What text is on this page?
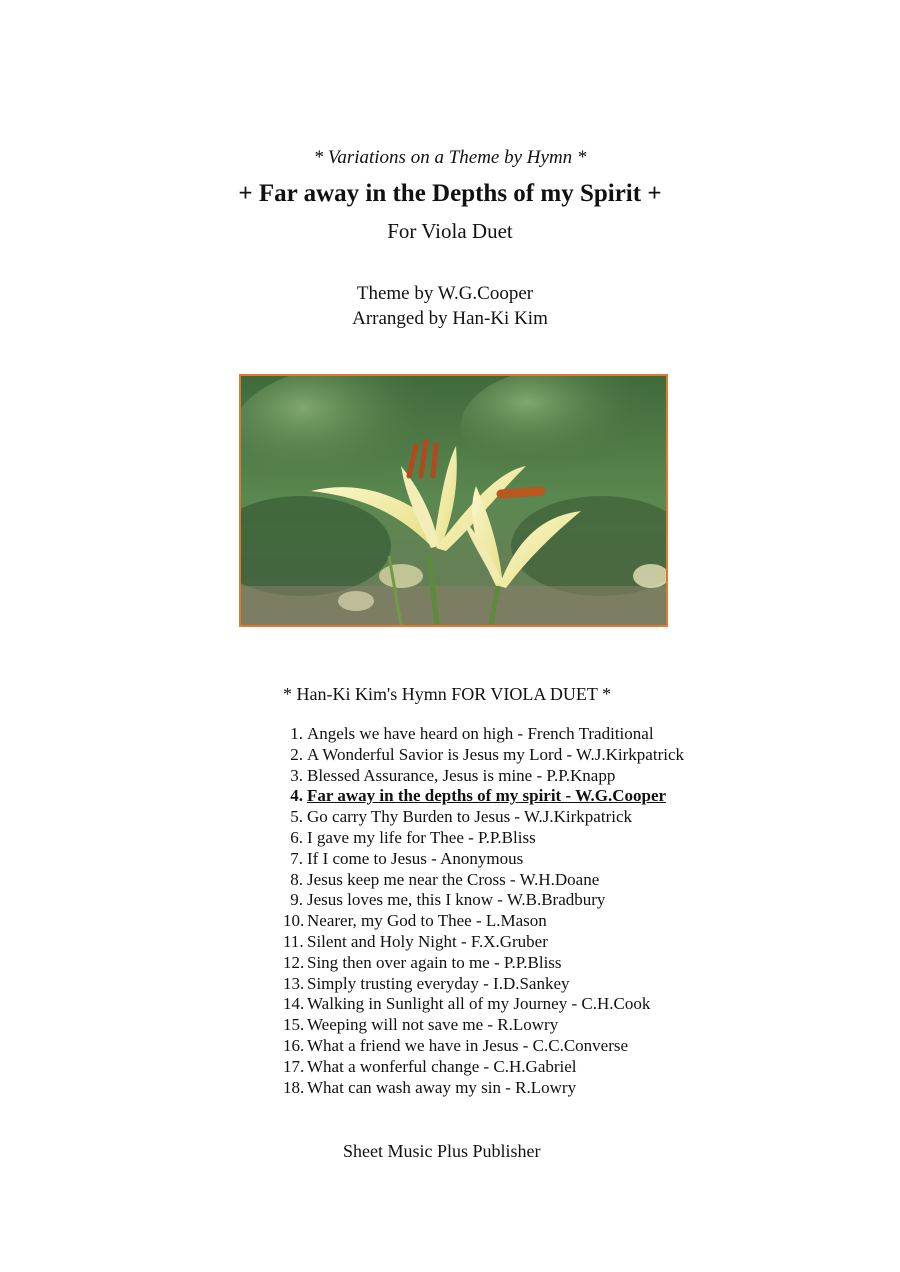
* Variations on a Theme by Hymn *
+ Far away in the Depths of my Spirit +
For Viola Duet
Theme by W.G.Cooper
Arranged by Han-Ki Kim
* Han-Ki Kim's Hymn FOR VIOLA DUET *
1. Angels we have heard on high - French Traditional
2. A Wonderful Savior is Jesus my Lord - W.J.Kirkpatrick
3. Blessed Assurance, Jesus is mine - P.P.Knapp
4. Far away in the depths of my spirit - W.G.Cooper
5. Go carry Thy Burden to Jesus - W.J.Kirkpatrick
6. I gave my life for Thee - P.P.Bliss
7. If I come to Jesus - Anonymous
8. Jesus keep me near the Cross - W.H.Doane
9. Jesus loves me, this I know - W.B.Bradbury
10. Nearer, my God to Thee - L.Mason
11. Silent and Holy Night - F.X.Gruber
12. Sing then over again to me - P.P.Bliss
13. Simply trusting everyday - I.D.Sankey
14. Walking in Sunlight all of my Journey - C.H.Cook
15. Weeping will not save me - R.Lowry
16. What a friend we have in Jesus - C.C.Converse
17. What a wonferful change - C.H.Gabriel
18. What can wash away my sin - R.Lowry
Sheet Music Plus Publisher
